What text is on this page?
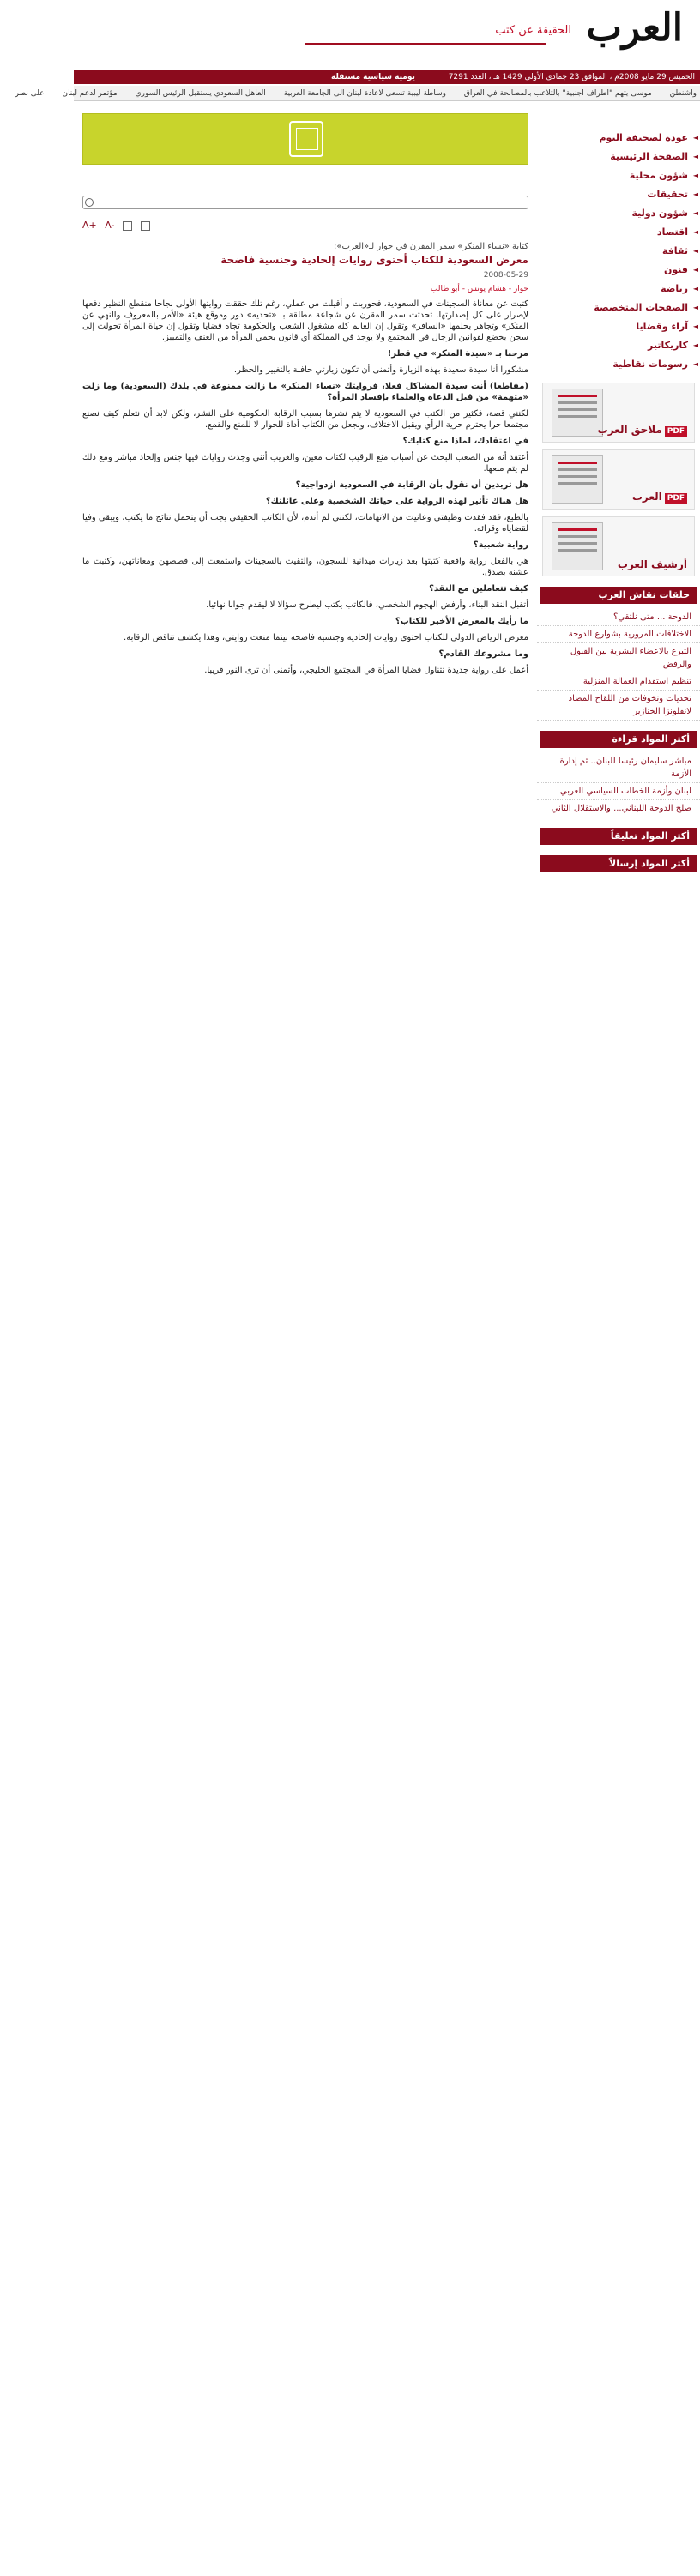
العرب
الحقيقة عن كثب
الخميس 29 مايو 2008م ، الموافق 23 جمادى الأولى 1429 هـ ، العدد 7291
يومية سياسية مستقلة
واشنطن موسى يتهم "اطراف اجنبية" بالتلاعب بالمصالحة في العراق وساطة ليبية تسعى لاعادة لبنان الى الجامعة العربية العاهل السعودي يستقبل الرئيس السوري مؤتمر لدعم لبنان على نصر
◄ عودة لصحيفة اليوم
◄ الصفحة الرئيسية
◄ شؤون محلية
◄ تحقيقات
◄ شؤون دولية
◄ اقتصاد
◄ ثقافة
◄ فنون
◄ رياضة
◄ الصفحات المتخصصة
◄ آراء وقضايا
◄ كاريكاتير
◄ رسومات نقاطية
PDFملاحق العرب
PDFالعرب
أرشيف العرب
حلقات نقاش العرب
الدوحة ... متى نلتقي؟
الاختلافات المرورية بشوارع الدوحة
التبرع بالاعضاء البشرية بين القبول والرفض
تنظيم استقدام العمالة المنزلية
تحديات وتخوفات من اللقاح المضاد لانفلونزا الخنازير
أكثر المواد قراءة
مباشر سليمان رئيسا للبنان.. ثم إدارة الأزمة
لبنان وأزمة الخطاب السياسي العربي
صلح الدوحة اللبناني... والاستقلال الثاني
أكثر المواد تعليقاً
أكثر المواد إرسالاً
A+ A-
كتابة «نساء المنكر» سمر المقرن في حوار لـ«العرب»:
معرض السعودية للكتاب أحتوى روايات إلحادية وجنسية فاضحة
2008-05-29
حوار - هشام يونس - أبو طالب

كتبت عن معاناة السجينات في السعودية، فحوربت و أقيلت من عملي، رغم تلك حققت روايتها الأولى نجاحا منقطع النظير دفعها لإصرار على كل إصدارتها. تحدثت سمر المقرن عن شجاعة مطلقة بـ «تحديه» دور وموقع هيئة «الأمر بالمعروف والنهي عن المنكر» وتجاهر بحلمها «السافر» وتقول إن العالم كله مشغول الشعب والحكومة تجاه قضايا وتقول إن حياة المرأة تحولت إلى سجن يخضع لقوانين الرجال في المجتمع ولا يوجد في المملكة أي قانون يحمي المرأة من العنف والتمييز.

مرحبا بـ «سيدة المنكر» في قطر!

مشكورا أنا سيدة سعيدة بهذه الزيارة وأتمنى أن تكون زيارتي حافلة بالتغيير والحظر.

(مقاطعا) أنت سيدة المشاكل فعلا، فروايتك «نساء المنكر» ما زالت ممنوعة في بلدك (السعودية) وما زلت «متهمة» من قبل الدعاة والعلماء بإفساد المرأة؟

لكنني قصة، فكثير من الكتب في السعودية لا يتم نشرها بسبب الرقابة الحكومية على النشر، ولكن لابد أن نتعلم كيف نصنع مجتمعا حرا يحترم حرية الرأي ويقبل الاختلاف، ونجعل من الكتاب أداة للحوار لا للمنع والقمع.

في اعتقادك، لماذا منع كتابك؟

أعتقد أنه من الصعب البحث عن أسباب منع الرقيب لكتاب معين، والغريب أنني وجدت روايات فيها جنس وإلحاد مباشر ومع ذلك لم يتم منعها.

هل تريدين أن نقول بأن الرقابة في السعودية ازدواجية؟

هل هناك تأثير لهذه الرواية على حياتك الشخصية وعلى عائلتك؟

بالطبع، فقد فقدت وظيفتي وعانيت من الاتهامات، لكنني لم أندم، لأن الكاتب الحقيقي يجب أن يتحمل نتائج ما يكتب، ويبقى وفيا لقضاياه وقرائه.

رواية شعبية؟

هي بالفعل رواية واقعية كتبتها بعد زيارات ميدانية للسجون، والتقيت بالسجينات واستمعت إلى قصصهن ومعاناتهن، وكتبت ما عشنه بصدق.

كيف تتعاملين مع النقد؟

أتقبل النقد البناء، وأرفض الهجوم الشخصي، فالكاتب يكتب ليطرح سؤالا لا ليقدم جوابا نهائيا.

ما رأيك بالمعرض الأخير للكتاب؟

معرض الرياض الدولي للكتاب احتوى روايات إلحادية وجنسية فاضحة بينما منعت روايتي، وهذا يكشف تناقض الرقابة.

وما مشروعك القادم؟

أعمل على رواية جديدة تتناول قضايا المرأة في المجتمع الخليجي، وأتمنى أن ترى النور قريبا.
